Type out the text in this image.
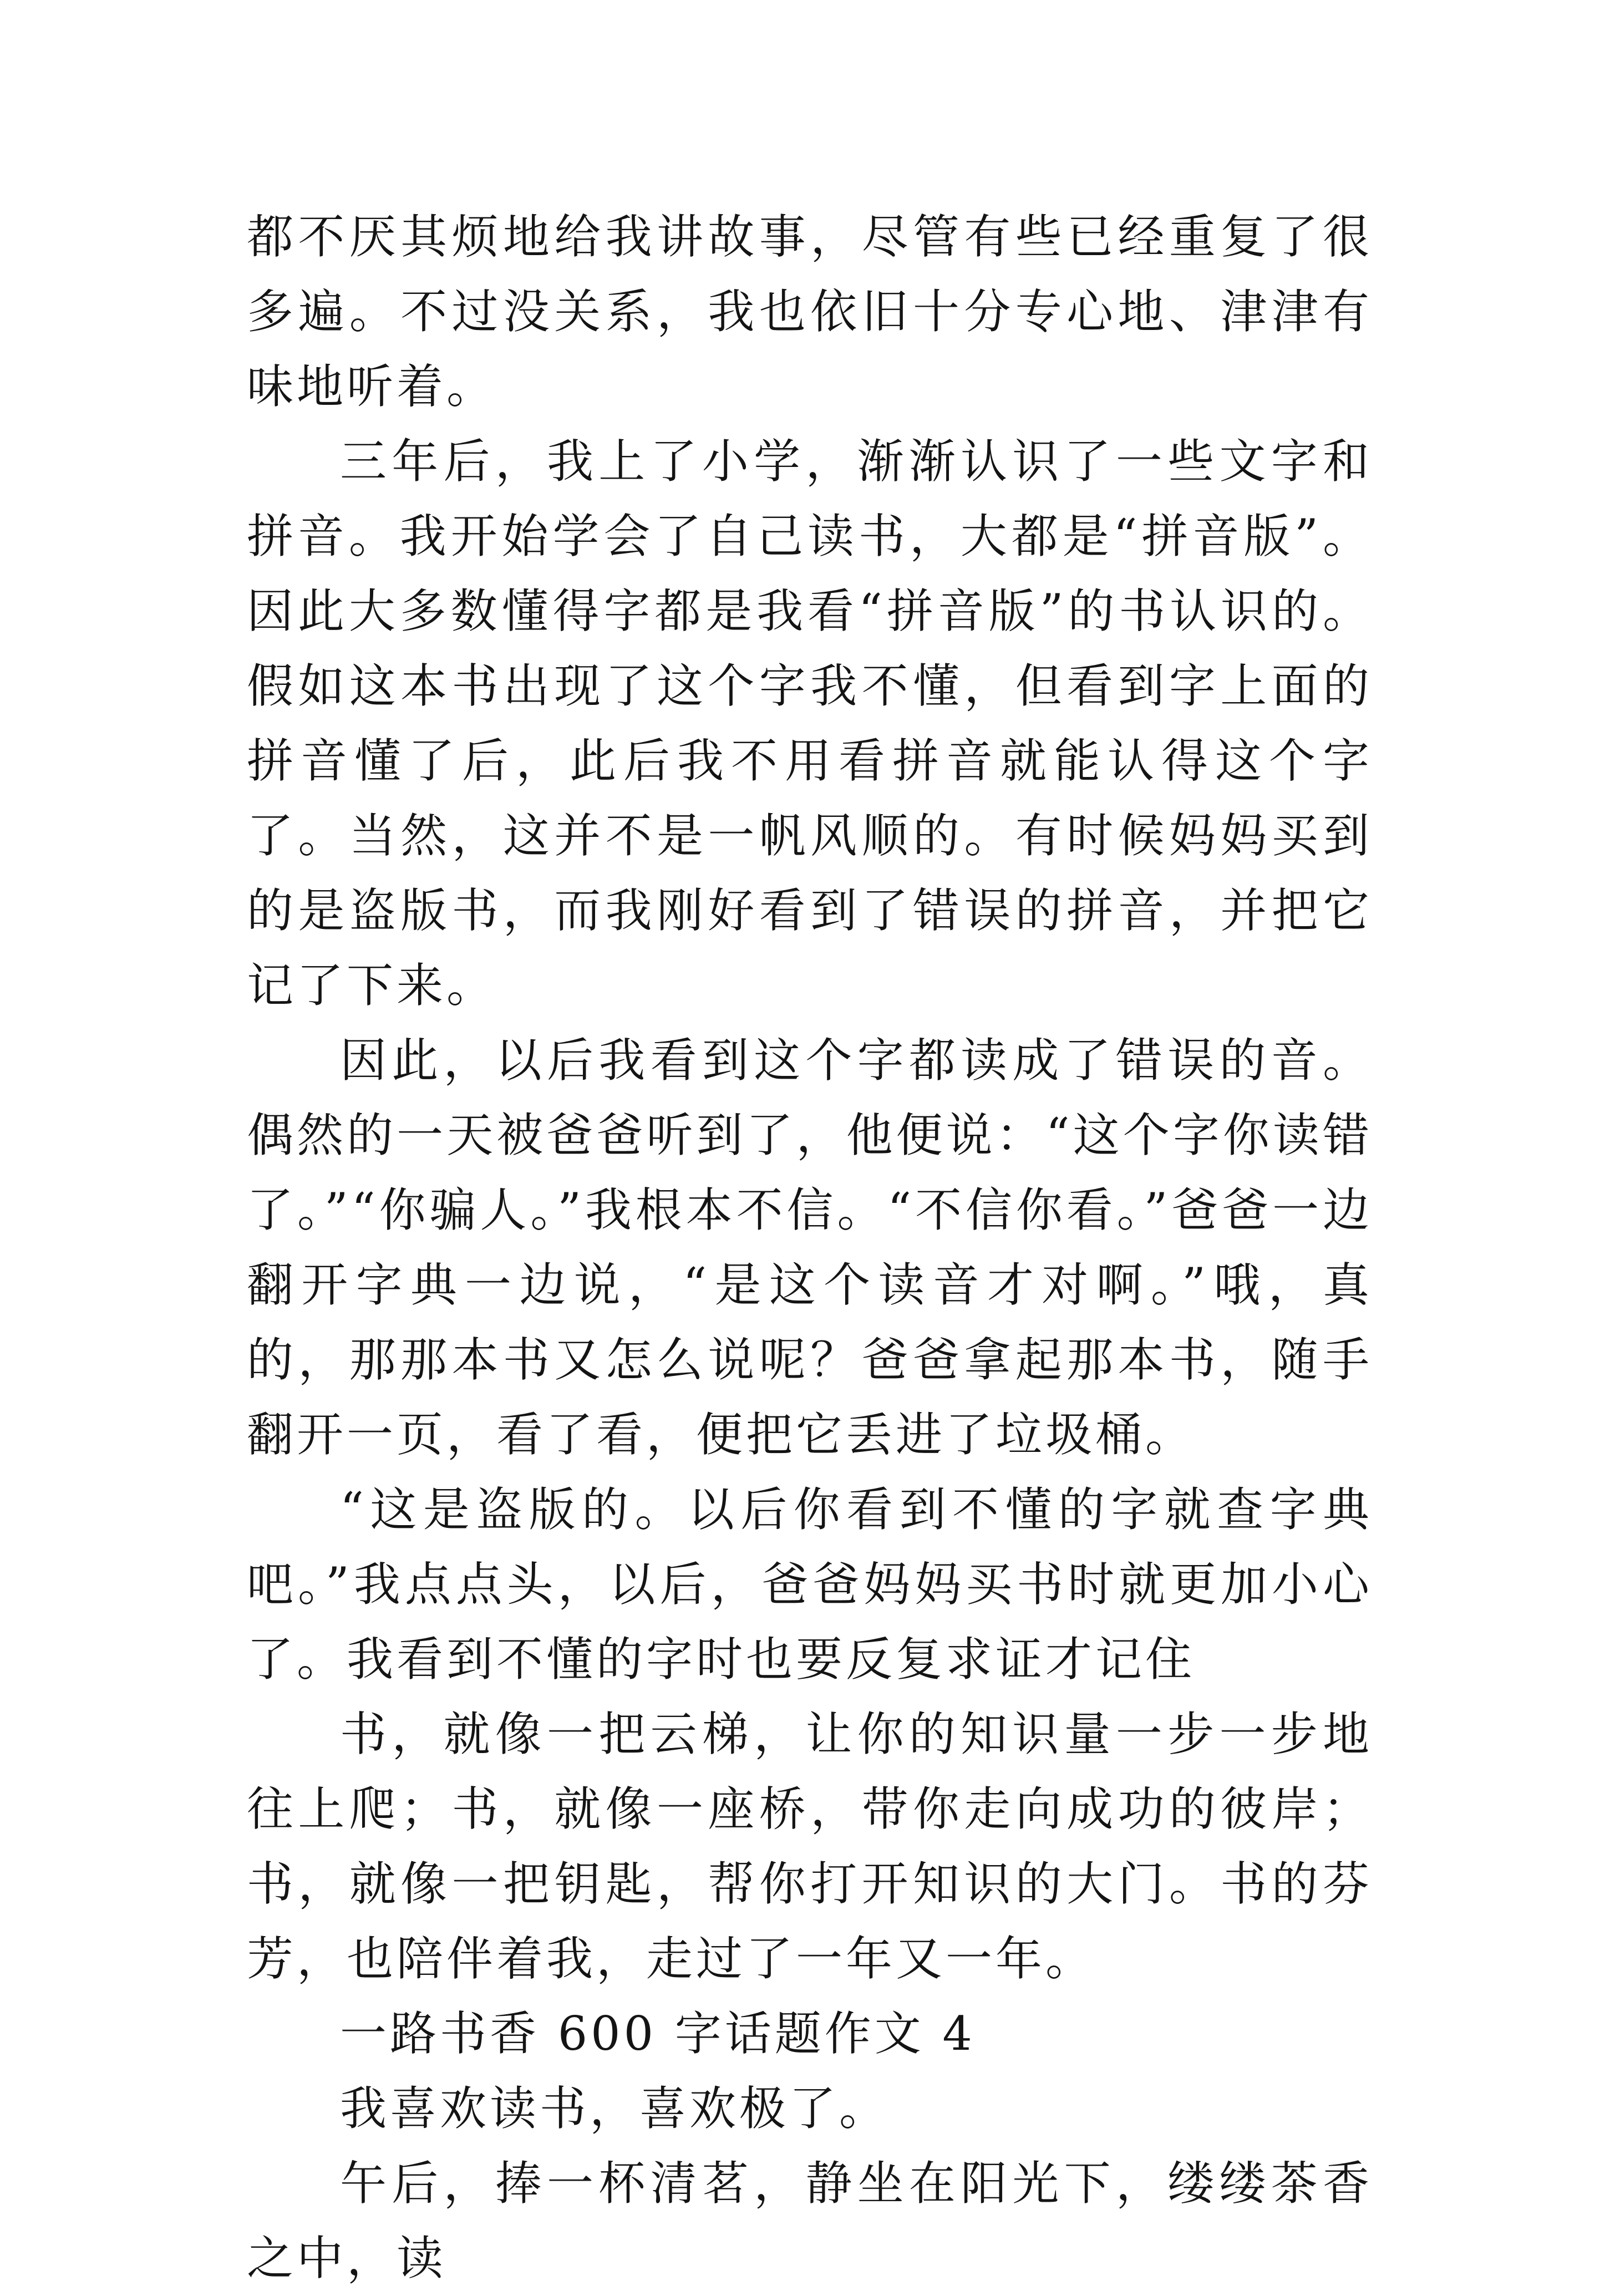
都不厌其烦地给我讲故事，尽管有些已经重复了很多遍。不过没关系，我也依旧十分专心地、津津有味地听着。

三年后，我上了小学，渐渐认识了一些文字和拼音。我开始学会了自己读书，大都是“拼音版”。因此大多数懂得字都是我看“拼音版”的书认识的。假如这本书出现了这个字我不懂，但看到字上面的拼音懂了后，此后我不用看拼音就能认得这个字了。当然，这并不是一帆风顺的。有时候妈妈买到的是盗版书，而我刚好看到了错误的拼音，并把它记了下来。

因此，以后我看到这个字都读成了错误的音。偶然的一天被爸爸听到了，他便说：“这个字你读错了。”“你骗人。”我根本不信。“不信你看。”爸爸一边翻开字典一边说，“是这个读音才对啊。”哦，真的，那那本书又怎么说呢？爸爸拿起那本书，随手翻开一页，看了看，便把它丢进了垃圾桶。

“这是盗版的。以后你看到不懂的字就查字典吧。”我点点头，以后，爸爸妈妈买书时就更加小心了。我看到不懂的字时也要反复求证才记住

书，就像一把云梯，让你的知识量一步一步地往上爬；书，就像一座桥，带你走向成功的彼岸；书，就像一把钥匙，帮你打开知识的大门。书的芬芳，也陪伴着我，走过了一年又一年。

一路书香 600 字话题作文 4

我喜欢读书，喜欢极了。

午后，捧一杯清茗，静坐在阳光下，缕缕茶香之中，读
